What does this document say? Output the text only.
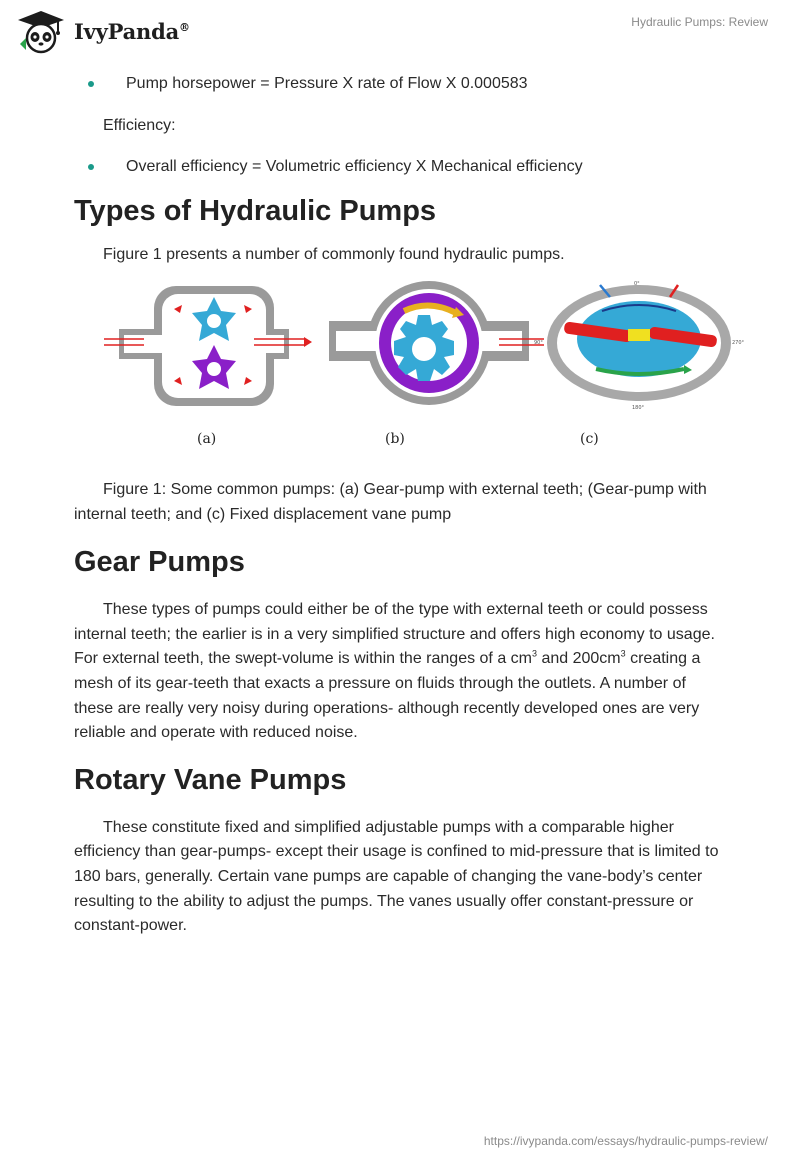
IvyPanda®	Hydraulic Pumps: Review

Pump horsepower = Pressure X rate of Flow X 0.000583

Efficiency:

Overall efficiency = Volumetric efficiency X Mechanical efficiency

Types of Hydraulic Pumps

Figure 1 presents a number of commonly found hydraulic pumps.

0°
90°	270°
180°
(a)	(b)	(c)

Figure 1: Some common pumps: (a) Gear-pump with external teeth; (Gear-pump with internal teeth; and (c) Fixed displacement vane pump

Gear Pumps

These types of pumps could either be of the type with external teeth or could possess internal teeth; the earlier is in a very simplified structure and offers high economy to usage. For external teeth, the swept-volume is within the ranges of a $cm^3$ and $200cm^3$ creating a mesh of its gear-teeth that exacts a pressure on fluids through the outlets. A number of these are really very noisy during operations- although recently developed ones are very reliable and operate with reduced noise.

Rotary Vane Pumps

These constitute fixed and simplified adjustable pumps with a comparable higher efficiency than gear-pumps- except their usage is confined to mid-pressure that is limited to 180 bars, generally. Certain vane pumps are capable of changing the vane-body’s center resulting to the ability to adjust the pumps. The vanes usually offer constant-pressure or constant-power.

https://ivypanda.com/essays/hydraulic-pumps-review/
